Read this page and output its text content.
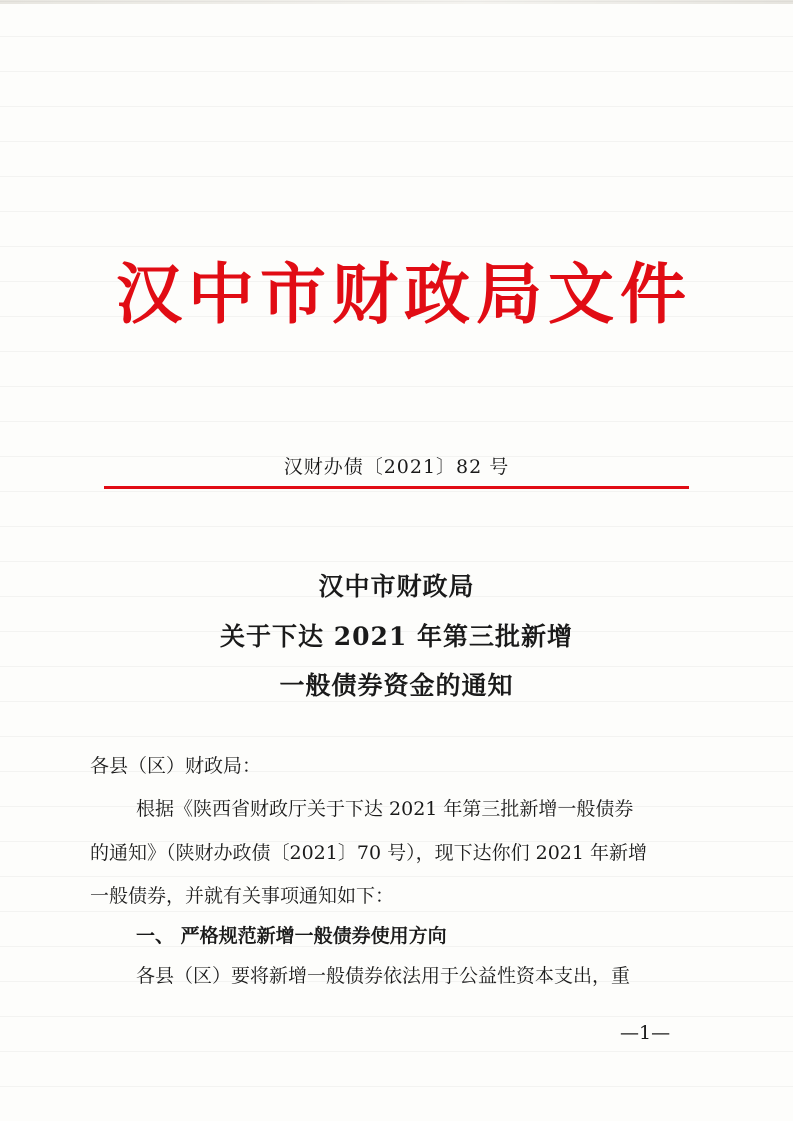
汉中市财政局文件
汉财办债〔2021〕82 号
汉中市财政局
关于下达 2021 年第三批新增
一般债券资金的通知
各县（区）财政局：
根据《陕西省财政厅关于下达 2021 年第三批新增一般债券
的通知》（陕财办政债〔2021〕70 号），现下达你们 2021 年新增
一般债券，并就有关事项通知如下：
一、 严格规范新增一般债券使用方向
各县（区）要将新增一般债券依法用于公益性资本支出，重
—1—
